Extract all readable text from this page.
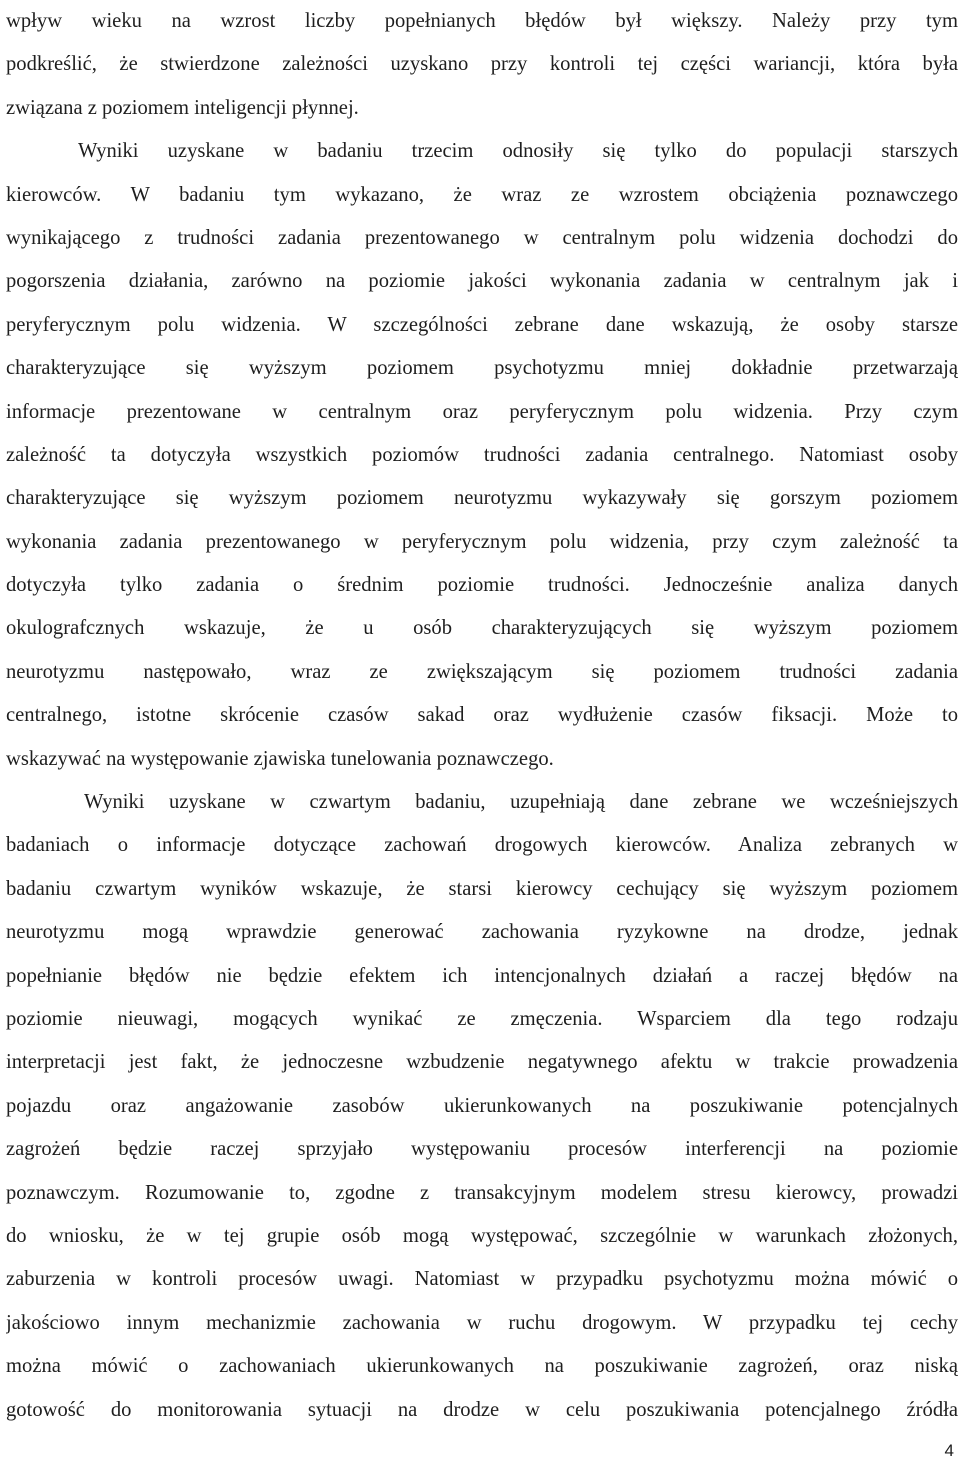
wpływ wieku na wzrost liczby popełnianych błędów był większy. Należy przy tym
podkreślić, że stwierdzone zależności uzyskano przy kontroli tej części wariancji, która była
związana z poziomem inteligencji płynnej.
Wyniki uzyskane w badaniu trzecim odnosiły się tylko do populacji starszych
kierowców. W badaniu tym wykazano, że wraz ze wzrostem obciążenia poznawczego
wynikającego z trudności zadania prezentowanego w centralnym polu widzenia dochodzi do
pogorszenia działania, zarówno na poziomie jakości wykonania zadania w centralnym jak i
peryferycznym polu widzenia. W szczególności zebrane dane wskazują, że osoby starsze
charakteryzujące się wyższym poziomem psychotyzmu mniej dokładnie przetwarzają
informacje prezentowane w centralnym oraz peryferycznym polu widzenia. Przy czym
zależność ta dotyczyła wszystkich poziomów trudności zadania centralnego. Natomiast osoby
charakteryzujące się wyższym poziomem neurotyzmu wykazywały się gorszym poziomem
wykonania zadania prezentowanego w peryferycznym polu widzenia, przy czym zależność ta
dotyczyła tylko zadania o średnim poziomie trudności. Jednocześnie analiza danych
okulografcznych wskazuje, że u osób charakteryzujących się wyższym poziomem
neurotyzmu następowało, wraz ze zwiększającym się poziomem trudności zadania
centralnego, istotne skrócenie czasów sakad oraz wydłużenie czasów fiksacji. Może to
wskazywać na występowanie zjawiska tunelowania poznawczego.
Wyniki uzyskane w czwartym badaniu, uzupełniają dane zebrane we wcześniejszych
badaniach o informacje dotyczące zachowań drogowych kierowców. Analiza zebranych w
badaniu czwartym wyników wskazuje, że starsi kierowcy cechujący się wyższym poziomem
neurotyzmu mogą wprawdzie generować zachowania ryzykowne na drodze, jednak
popełnianie błędów nie będzie efektem ich intencjonalnych działań a raczej błędów na
poziomie nieuwagi, mogących wynikać ze zmęczenia. Wsparciem dla tego rodzaju
interpretacji jest fakt, że jednoczesne wzbudzenie negatywnego afektu w trakcie prowadzenia
pojazdu oraz angażowanie zasobów ukierunkowanych na poszukiwanie potencjalnych
zagrożeń będzie raczej sprzyjało występowaniu procesów interferencji na poziomie
poznawczym. Rozumowanie to, zgodne z transakcyjnym modelem stresu kierowcy, prowadzi
do wniosku, że w tej grupie osób mogą występować, szczególnie w warunkach złożonych,
zaburzenia w kontroli procesów uwagi. Natomiast w przypadku psychotyzmu można mówić o
jakościowo innym mechanizmie zachowania w ruchu drogowym. W przypadku tej cechy
można mówić o zachowaniach ukierunkowanych na poszukiwanie zagrożeń, oraz niską
gotowość do monitorowania sytuacji na drodze w celu poszukiwania potencjalnego źródła
4
